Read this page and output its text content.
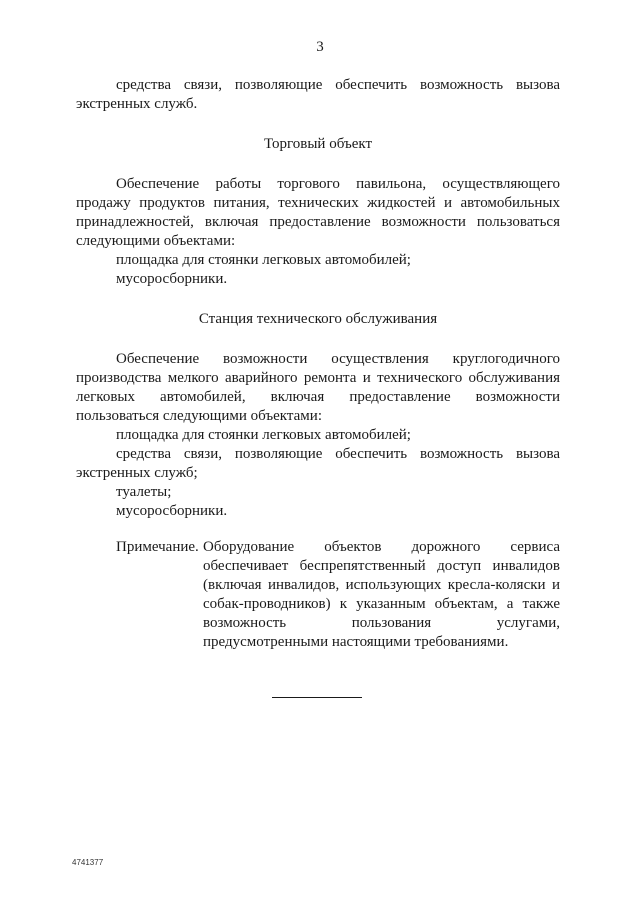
3

средства связи, позволяющие обеспечить возможность вызова экстренных служб.

Торговый объект

Обеспечение работы торгового павильона, осуществляющего продажу продуктов питания, технических жидкостей и автомобильных принадлежностей, включая предоставление возможности пользоваться следующими объектами:

площадка для стоянки легковых автомобилей;

мусоросборники.

Станция технического обслуживания

Обеспечение возможности осуществления круглогодичного производства мелкого аварийного ремонта и технического обслуживания легковых автомобилей, включая предоставление возможности пользоваться следующими объектами:

площадка для стоянки легковых автомобилей;

средства связи, позволяющие обеспечить возможность вызова экстренных служб;

туалеты;

мусоросборники.

Примечание. Оборудование объектов дорожного сервиса обеспечивает беспрепятственный доступ инвалидов (включая инвалидов, использующих кресла-коляски и собак-проводников) к указанным объектам, а также возможность пользования услугами, предусмотренными настоящими требованиями.
4741377
